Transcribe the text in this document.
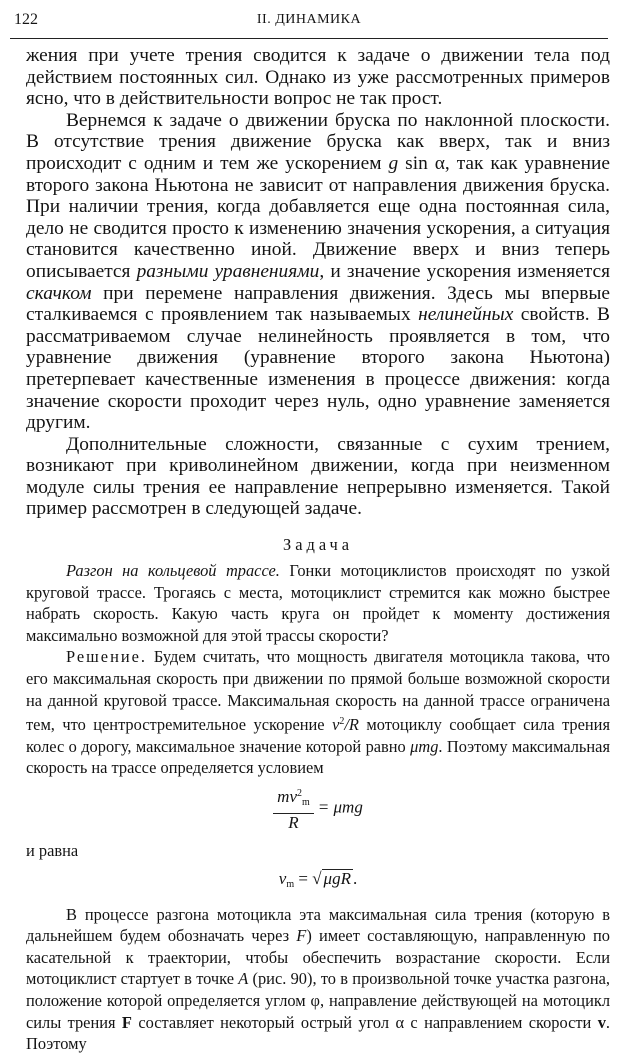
122	II. ДИНАМИКА

жения при учете трения сводится к задаче о движении тела под действием постоянных сил. Однако из уже рассмотренных примеров ясно, что в действительности вопрос не так прост.

Вернемся к задаче о движении бруска по наклонной плоскости. В отсутствие трения движение бруска как вверх, так и вниз происходит с одним и тем же ускорением g sin α, так как уравнение второго закона Ньютона не зависит от направления движения бруска. При наличии трения, когда добавляется еще одна постоянная сила, дело не сводится просто к изменению значения ускорения, а ситуация становится качественно иной. Движение вверх и вниз теперь описывается разными уравнениями, и значение ускорения изменяется скачком при перемене направления движения. Здесь мы впервые сталкиваемся с проявлением так называемых нелинейных свойств. В рассматриваемом случае нелинейность проявляется в том, что уравнение движения (уравнение второго закона Ньютона) претерпевает качественные изменения в процессе движения: когда значение скорости проходит через нуль, одно уравнение заменяется другим.

Дополнительные сложности, связанные с сухим трением, возникают при криволинейном движении, когда при неизменном модуле силы трения ее направление непрерывно изменяется. Такой пример рассмотрен в следующей задаче.

Задача

Разгон на кольцевой трассе. Гонки мотоциклистов происходят по узкой круговой трассе. Трогаясь с места, мотоциклист стремится как можно быстрее набрать скорость. Какую часть круга он пройдет к моменту достижения максимально возможной для этой трассы скорости?

Решение. Будем считать, что мощность двигателя мотоцикла такова, что его максимальная скорость при движении по прямой больше возможной скорости на данной круговой трассе. Максимальная скорость на данной трассе ограничена тем, что центростремительное ускорение $v^2/R$ мотоциклу сообщает сила трения колес о дорогу, максимальное значение которой равно μmg. Поэтому максимальная скорость на трассе определяется условием

$\frac{mv^2_m}{R} = \mu mg$

и равна

$v_m$ = √ μgR .

В процессе разгона мотоцикла эта максимальная сила трения (которую в дальнейшем будем обозначать через F) имеет составляющую, направленную по касательной к траектории, чтобы обеспечить возрастание скорости. Если мотоциклист стартует в точке A (рис. 90), то в произвольной точке участка разгона, положение которой определяется углом φ, направление действующей на мотоцикл силы трения F составляет некоторый острый угол α с направлением скорости v. Поэтому
